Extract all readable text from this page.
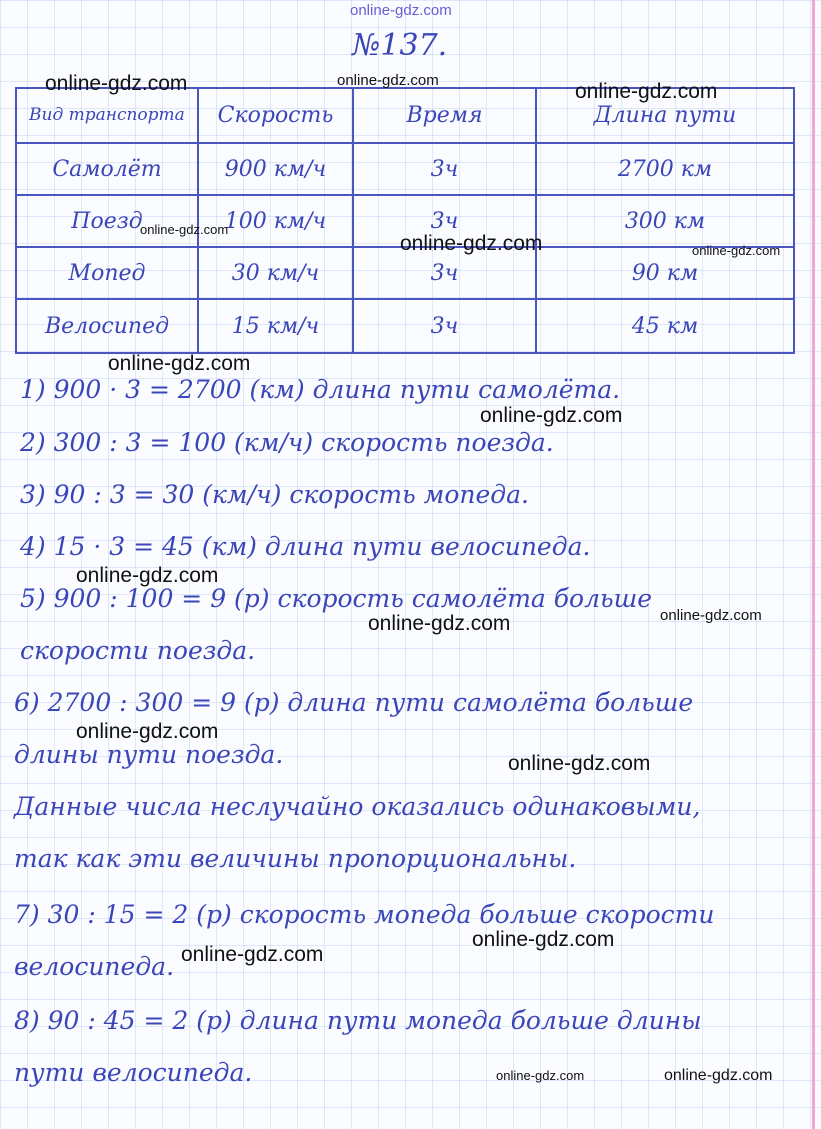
online-gdz.com
№137.
Вид транспорта	Скорость	Время	Длина пути
Самолёт	900 км/ч	3ч	2700 км
Поезд	100 км/ч	3ч	300 км
Мопед	30 км/ч	3ч	90 км
Велосипед	15 км/ч	3ч	45 км
1) 900 · 3 = 2700 (км) длина пути самолёта.
2) 300 : 3 = 100 (км/ч) скорость поезда.
3) 90 : 3 = 30 (км/ч) скорость мопеда.
4) 15 · 3 = 45 (км) длина пути велосипеда.
5) 900 : 100 = 9 (р) скорость самолёта больше
скорости поезда.
6) 2700 : 300 = 9 (р) длина пути самолёта больше
длины пути поезда.
Данные числа неслучайно оказались одинаковыми,
так как эти величины пропорциональны.
7) 30 : 15 = 2 (р) скорость мопеда больше скорости
велосипеда.
8) 90 : 45 = 2 (р) длина пути мопеда больше длины
пути велосипеда.
online-gdz.com	online-gdz.com	online-gdz.com
online-gdz.com
online-gdz.com	online-gdz.com
online-gdz.com
online-gdz.com
online-gdz.com
online-gdz.com	online-gdz.com
online-gdz.com
online-gdz.com
online-gdz.com
online-gdz.com
online-gdz.com	online-gdz.com
